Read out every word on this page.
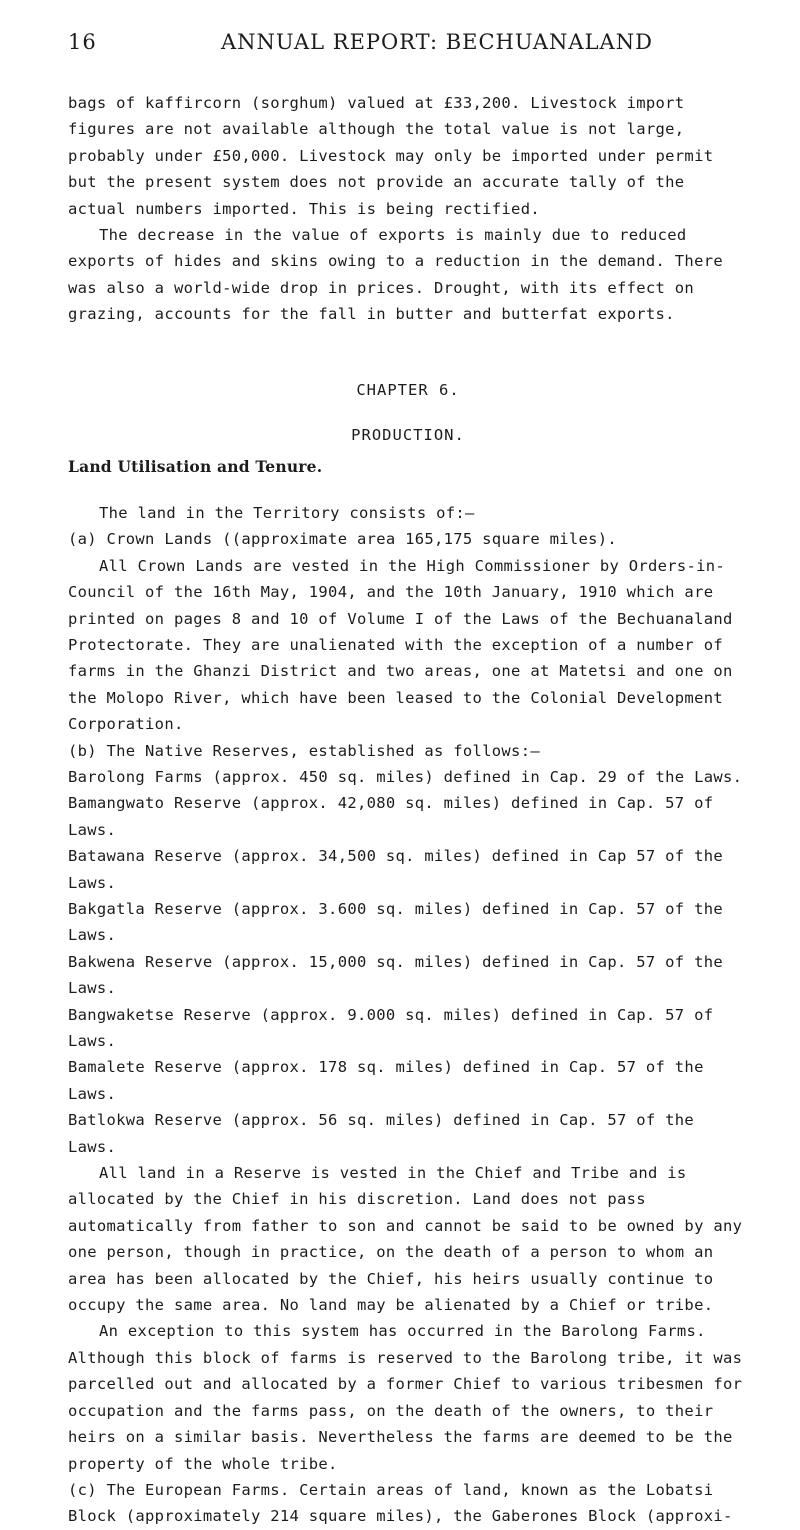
16	ANNUAL REPORT: BECHUANALAND

bags of kaffircorn (sorghum) valued at £33,200. Livestock import figures are not available although the total value is not large, probably under £50,000. Livestock may only be imported under permit but the present system does not provide an accurate tally of the actual numbers imported. This is being rectified.

The decrease in the value of exports is mainly due to reduced exports of hides and skins owing to a reduction in the demand. There was also a world-wide drop in prices. Drought, with its effect on grazing, accounts for the fall in butter and butterfat exports.

CHAPTER 6.

PRODUCTION.

Land Utilisation and Tenure.

The land in the Territory consists of:—

(a) Crown Lands ((approximate area 165,175 square miles).

All Crown Lands are vested in the High Commissioner by Orders-in-Council of the 16th May, 1904, and the 10th January, 1910 which are printed on pages 8 and 10 of Volume I of the Laws of the Bechuanaland Protectorate. They are unalienated with the exception of a number of farms in the Ghanzi District and two areas, one at Matetsi and one on the Molopo River, which have been leased to the Colonial Development Corporation.

(b) The Native Reserves, established as follows:—

Barolong Farms (approx. 450 sq. miles) defined in Cap. 29 of the Laws.

Bamangwato Reserve (approx. 42,080 sq. miles) defined in Cap. 57 of Laws.

Batawana Reserve (approx. 34,500 sq. miles) defined in Cap 57 of the Laws.

Bakgatla Reserve (approx. 3.600 sq. miles) defined in Cap. 57 of the Laws.

Bakwena Reserve (approx. 15,000 sq. miles) defined in Cap. 57 of the Laws.

Bangwaketse Reserve (approx. 9.000 sq. miles) defined in Cap. 57 of Laws.

Bamalete Reserve (approx. 178 sq. miles) defined in Cap. 57 of the Laws.

Batlokwa Reserve (approx. 56 sq. miles) defined in Cap. 57 of the Laws.

All land in a Reserve is vested in the Chief and Tribe and is allocated by the Chief in his discretion. Land does not pass automatically from father to son and cannot be said to be owned by any one person, though in practice, on the death of a person to whom an area has been allocated by the Chief, his heirs usually continue to occupy the same area. No land may be alienated by a Chief or tribe.

An exception to this system has occurred in the Barolong Farms. Although this block of farms is reserved to the Barolong tribe, it was parcelled out and allocated by a former Chief to various tribesmen for occupation and the farms pass, on the death of the owners, to their heirs on a similar basis. Nevertheless the farms are deemed to be the property of the whole tribe.

(c) The European Farms. Certain areas of land, known as the Lobatsi Block (approximately 214 square miles), the Gaberones Block (approxi-
